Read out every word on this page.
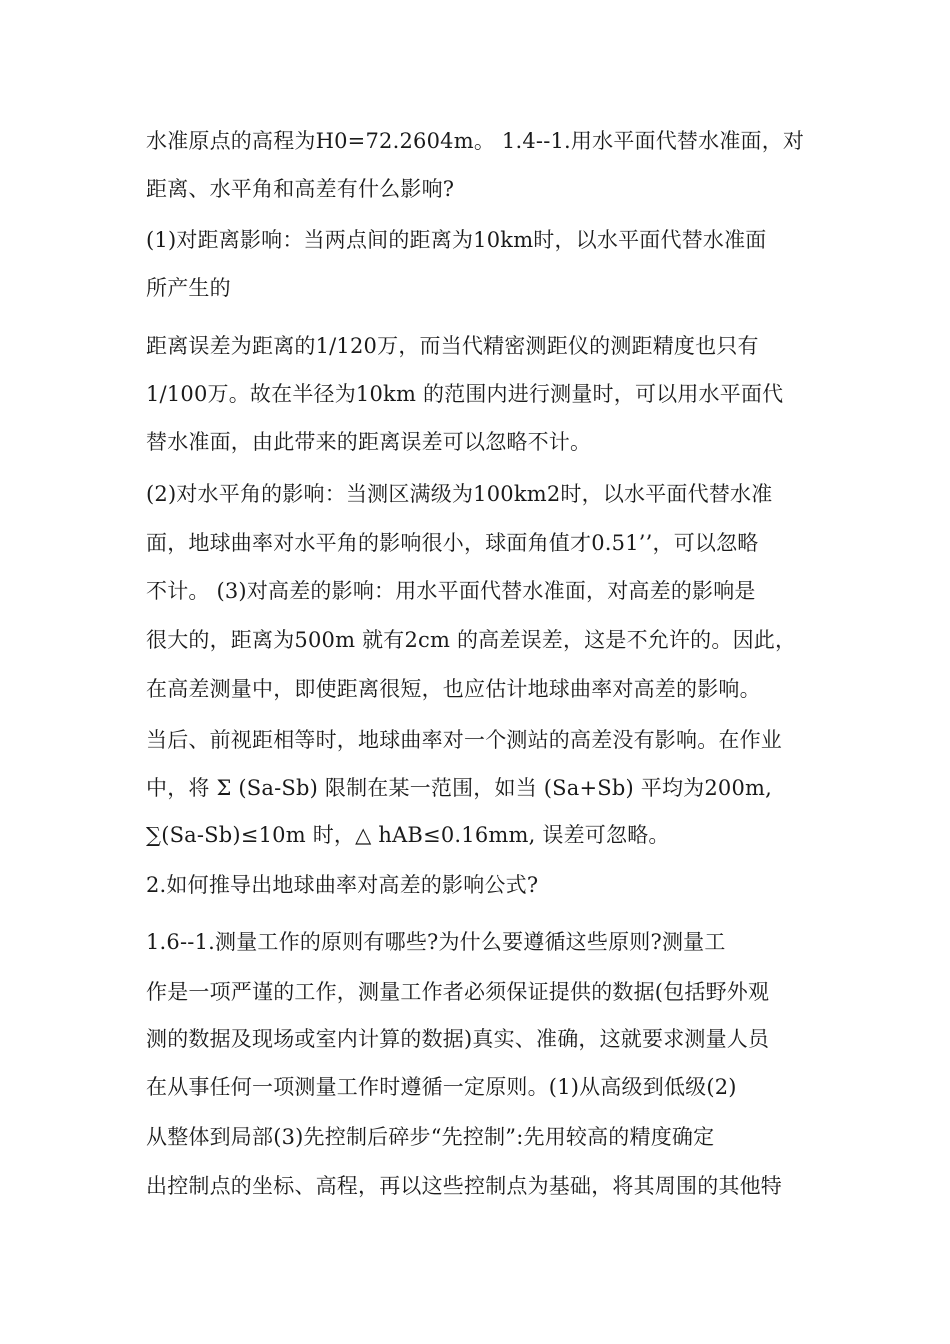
水准原点的高程为H0=72.2604m。 1.4--1.用水平面代替水准面，对

距离、水平角和高差有什么影响?

(1)对距离影响：当两点间的距离为10km时，以水平面代替水准面

所产生的

距离误差为距离的1/120万，而当代精密测距仪的测距精度也只有

1/100万。故在半径为10km 的范围内进行测量时，可以用水平面代

替水准面，由此带来的距离误差可以忽略不计。

(2)对水平角的影响：当测区满级为100km2时，以水平面代替水准

面，地球曲率对水平角的影响很小，球面角值才0.51’’，可以忽略

不计。 (3)对高差的影响：用水平面代替水准面，对高差的影响是

很大的，距离为500m 就有2cm 的高差误差，这是不允许的。因此，

在高差测量中，即使距离很短，也应估计地球曲率对高差的影响。

当后、前视距相等时，地球曲率对一个测站的高差没有影响。在作业

中，将 Σ (Sa-Sb) 限制在某一范围，如当 (Sa+Sb) 平均为200m,

∑(Sa-Sb)≤10m 时，△ hAB≤0.16mm, 误差可忽略。

2.如何推导出地球曲率对高差的影响公式?

1.6--1.测量工作的原则有哪些?为什么要遵循这些原则?测量工

作是一项严谨的工作，测量工作者必须保证提供的数据(包括野外观

测的数据及现场或室内计算的数据)真实、准确，这就要求测量人员

在从事任何一项测量工作时遵循一定原则。(1)从高级到低级(2)

从整体到局部(3)先控制后碎步“先控制”:先用较高的精度确定

出控制点的坐标、高程，再以这些控制点为基础，将其周围的其他特
